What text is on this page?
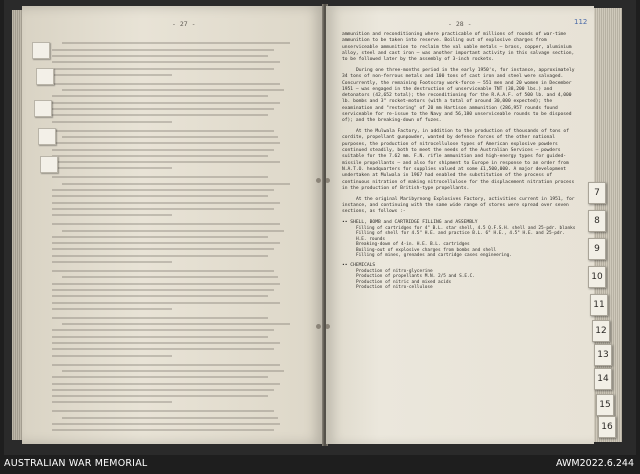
- 27 -	- 28 -	112

ammunition and reconditioning where practicable of millions of rounds of war-time ammunition to be taken into reserve. Boiling out of explosive charges from unserviceable ammunition to reclaim the val uable metals — brass, copper, aluminium alloy, steel and cast iron — was another important activity in this salvage section, to be followed later by the assembly of 3-inch rockets.

During one three-months period in the early 1950's, for instance, approximately 34 tons of non-ferrous metals and 100 tons of cast iron and steel were salvaged. Concurrently, the remaining Footscray work-force — 551 men and 20 women in December 1951 — was engaged in the destruction of unserviceable TNT (38,200 lbs.) and detonators (42,652 total); the reconditioning for the R.A.A.F. of 500 lb. and 4,000 lb. bombs and 3" rocket-motors (with a total of around 30,000 expected); the examination and "restoring" of 20 mm Hartison ammunition (286,957 rounds found serviceable for re-issue to the Navy and 56,180 unserviceable rounds to be disposed of); and the breaking-down of fuzes.

At the Mulwala Factory, in addition to the production of thousands of tons of cordite, propellant gunpowder, wanted by defence forces of the other national purposes, the production of nitrocellulose types of American explosive powders continued steadily, both to meet the needs of the Australian Services — powders suitable for the 7.62 mm. F.N. rifle ammunition and high-energy types for guided-missile propellants — and also for shipment to Europe in response to an order from N.A.T.O. headquarters for supplies valued at some £1,500,000. A major development undertaken at Mulwala in 1967 had enabled the substitution of the process of continuous nitration of making nitrocellulose for the displacement nitration process in the production of British-type propellants.

At the original Maribyrnong Explosives Factory, activities current in 1951, for instance, and continuing with the same wide range of stores were spread over seven sections, as follows :-

•• SHELL, BOMB and CARTRIDGE FILLING and ASSEMBLY

Filling of cartridges for 4" B.L. star shell, 4.5 Q.F.S.H. shell and 25-pdr. blanks

Filling of shell for 4.5" H.E. and practice B.L. 6" H.E., 4.5" H.E. and 25-pdr. H.E. rounds

Breaking-down of 4-in. H.E. B.L. cartridges

Boiling-out of explosive charges from bombs and shell

Filling of mines, grenades and cartridge cases engineering.

•• CHEMICALS

Production of nitro-glycerine

Production of propellants M.N. 2/5 and S.E.C.

Production of nitric and mixed acids

Production of nitro-cellulose

7
8
9
10
11
12
13
14
15
16
AUSTRALIAN WAR MEMORIAL	AWM2022.6.244
